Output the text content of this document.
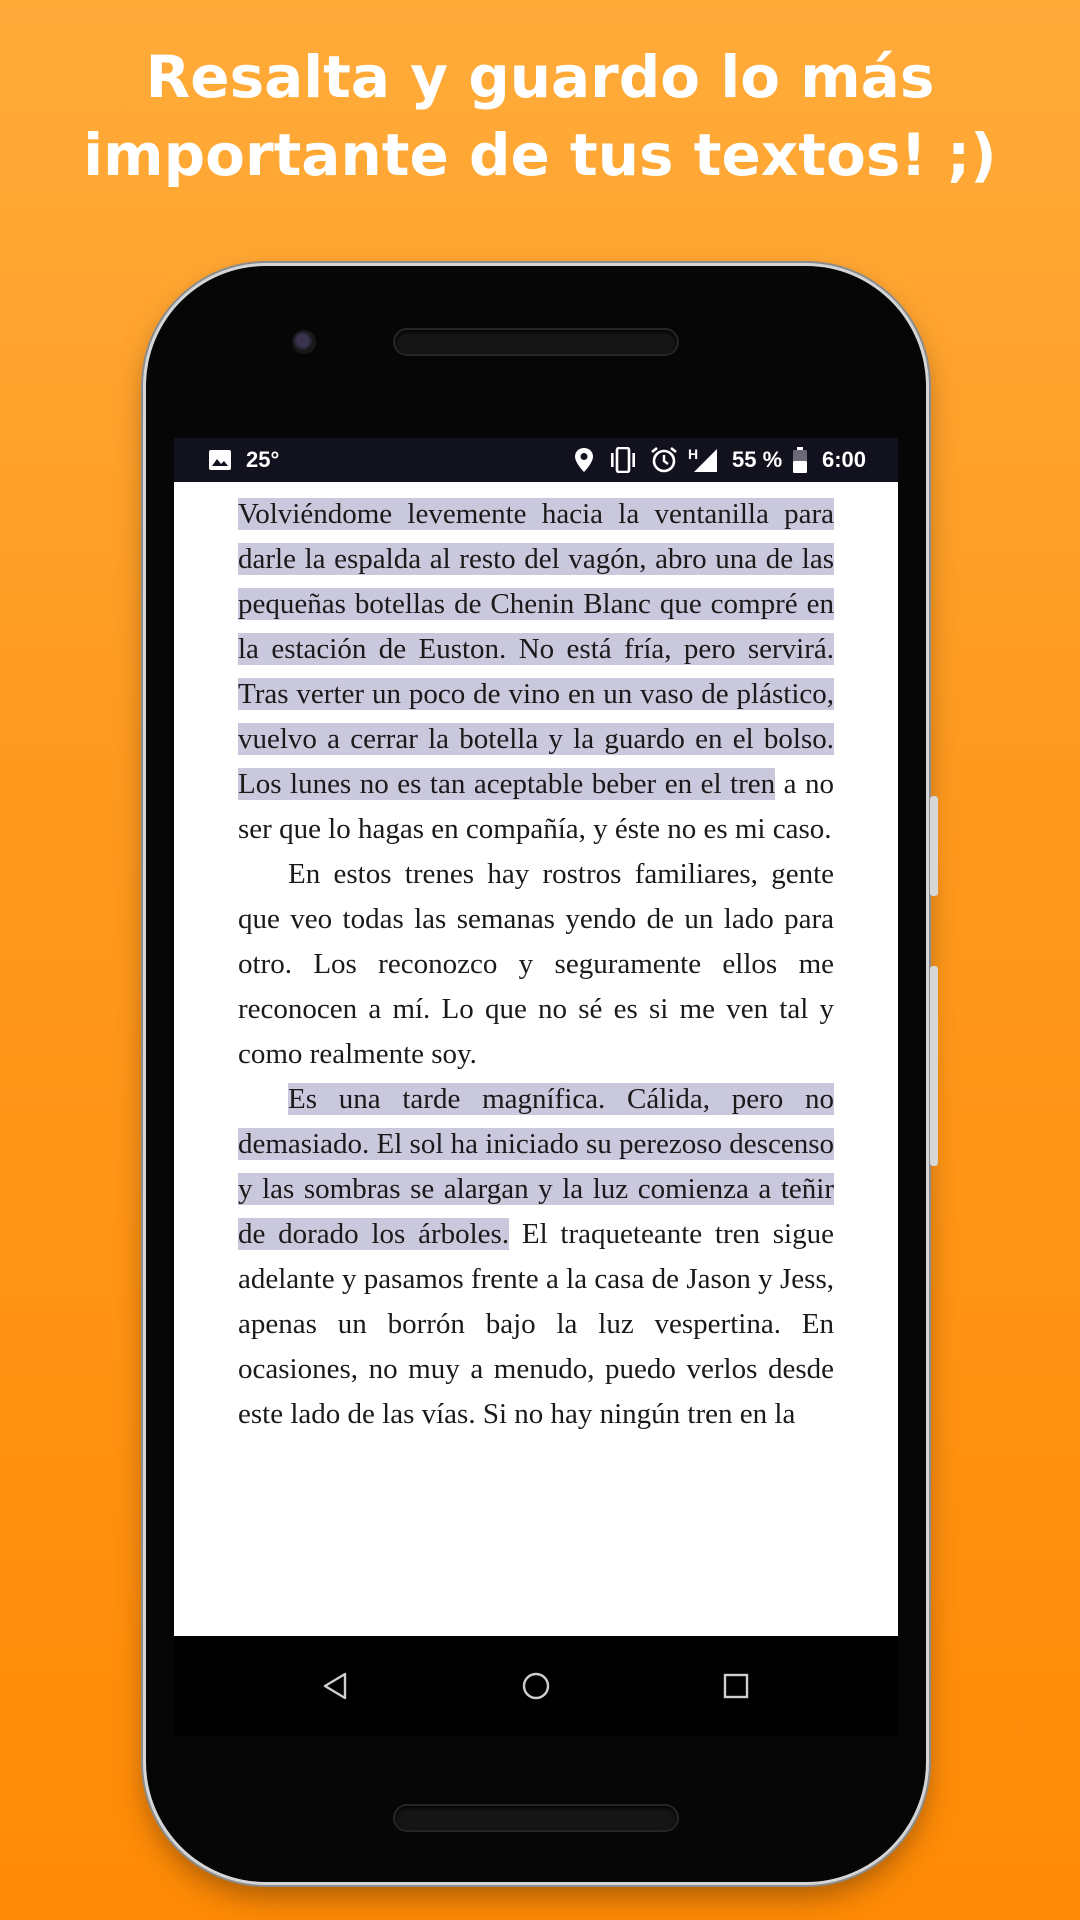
Resalta y guardo lo más
importante de tus textos! ;)
25°	H 55 % 6:00

Volviéndome levemente hacia la ventanilla para darle la espalda al resto del vagón, abro una de las pequeñas botellas de Chenin Blanc que compré en la estación de Euston. No está fría, pero servirá. Tras verter un poco de vino en un vaso de plástico, vuelvo a cerrar la botella y la guardo en el bolso. Los lunes no es tan aceptable beber en el tren a no ser que lo hagas en compañía, y éste no es mi caso.

En estos trenes hay rostros familiares, gente que veo todas las semanas yendo de un lado para otro. Los reconozco y seguramente ellos me reconocen a mí. Lo que no sé es si me ven tal y como realmente soy.

Es una tarde magnífica. Cálida, pero no demasiado. El sol ha iniciado su perezoso descenso y las sombras se alargan y la luz comienza a teñir de dorado los árboles. El traqueteante tren sigue adelante y pasamos frente a la casa de Jason y Jess, apenas un borrón bajo la luz vespertina. En ocasiones, no muy a menudo, puedo verlos desde este lado de las vías. Si no hay ningún tren en la
